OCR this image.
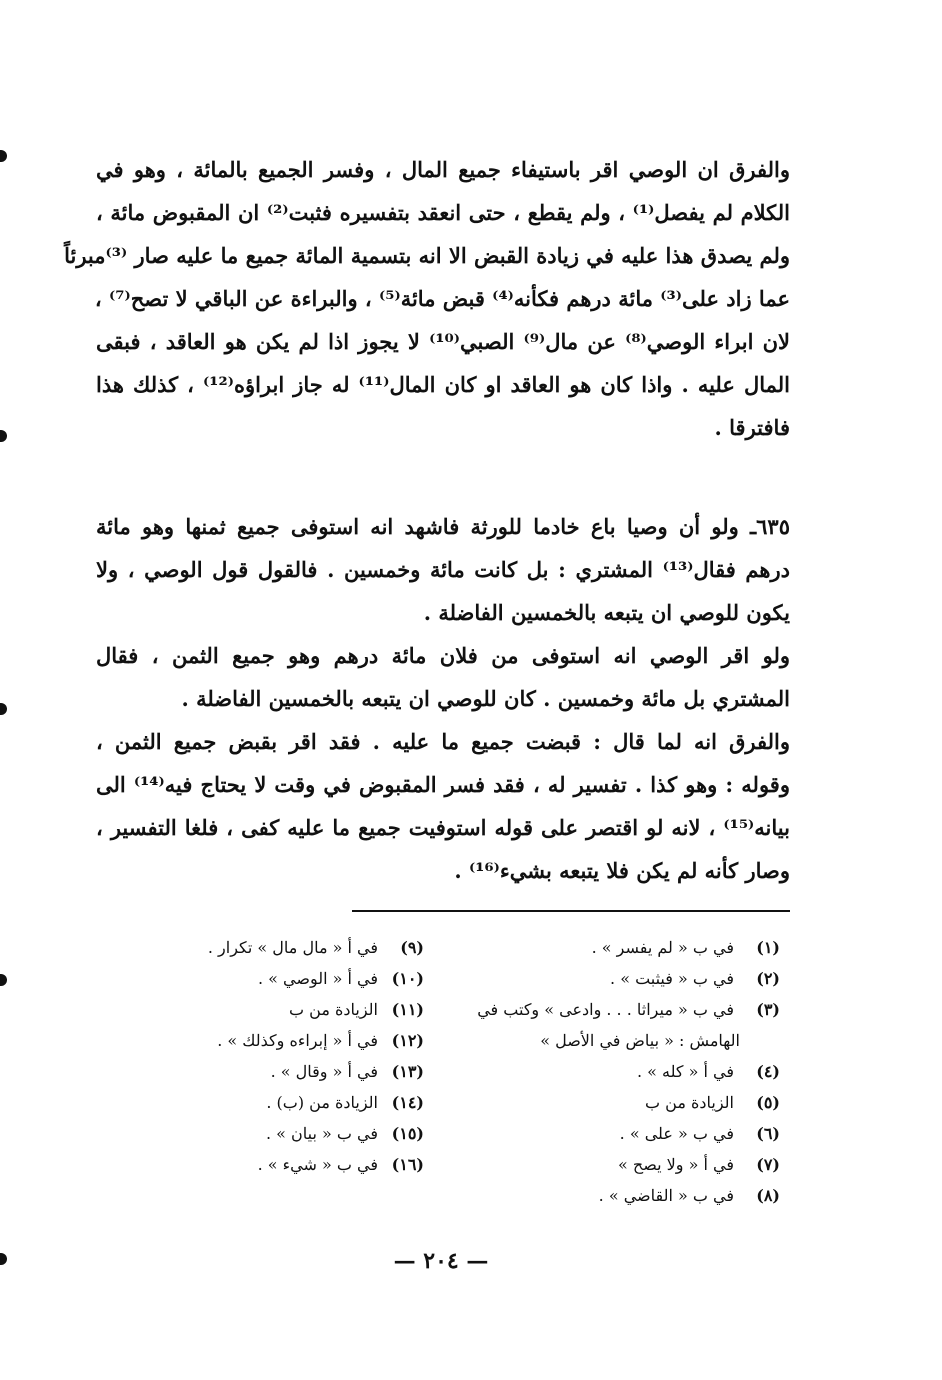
والفرق ان الوصي اقر باستيفاء جميع المال ، وفسر الجميع بالمائة ، وهو في
الكلام لم يفصل⁽¹⁾ ، ولم يقطع ، حتى انعقد بتفسيره فثبت⁽²⁾ ان المقبوض مائة ،
ولم يصدق هذا عليه في زيادة القبض الا انه بتسمية المائة جميع ما عليه صار ⁽³⁾مبرئاً
عما زاد على⁽³⁾ مائة درهم فكأنه⁽⁴⁾ قبض مائة⁽⁵⁾ ، والبراءة عن الباقي لا تصح⁽⁷⁾ ،
لان ابراء الوصي⁽⁸⁾ عن مال⁽⁹⁾ الصبي⁽¹⁰⁾ لا يجوز اذا لم يكن هو العاقد ، فبقى
المال عليه . واذا كان هو العاقد او كان المال⁽¹¹⁾ له جاز ابراؤه⁽¹²⁾ ، كذلك هذا
فافترقا .
٦٣٥ـ ولو أن وصيا باع خادما للورثة فاشهد انه استوفى جميع ثمنها وهو مائة
درهم فقال⁽¹³⁾ المشتري : بل كانت مائة وخمسين . فالقول قول الوصي ، ولا
يكون للوصي ان يتبعه بالخمسين الفاضلة .
ولو اقر الوصي انه استوفى من فلان مائة درهم وهو جميع الثمن ، فقال
المشتري بل مائة وخمسين . كان للوصي ان يتبعه بالخمسين الفاضلة .
والفرق انه لما قال : قبضت جميع ما عليه . فقد اقر بقبض جميع الثمن ،
وقوله : وهو كذا . تفسير له ، فقد فسر المقبوض في وقت لا يحتاج فيه⁽¹⁴⁾ الى
بيانه⁽¹⁵⁾ ، لانه لو اقتصر على قوله استوفيت جميع ما عليه كفى ، فلغا التفسير ،
وصار كأنه لم يكن فلا يتبعه بشيء⁽¹⁶⁾ .
(١)في ب « لم يفسر » .
(٢)في ب « فيثبت » .
(٣)في ب « ميراثا . . . وادعى » وكتب في
الهامش : « بياض في الأصل »
(٤)في أ « كله » .
(٥)الزيادة من ب
(٦)في ب « على » .
(٧)في أ « ولا يصح »
(٨)في ب « القاضي » .
(٩)في أ « مال مال » تكرار .
(١٠)في أ « الوصي » .
(١١)الزيادة من ب
(١٢)في أ « إبراءه وكذلك » .
(١٣)في أ « وقال » .
(١٤)الزيادة من (ب) .
(١٥)في ب « بيان » .
(١٦)في ب « شيء » .
— ٢٠٤ —
